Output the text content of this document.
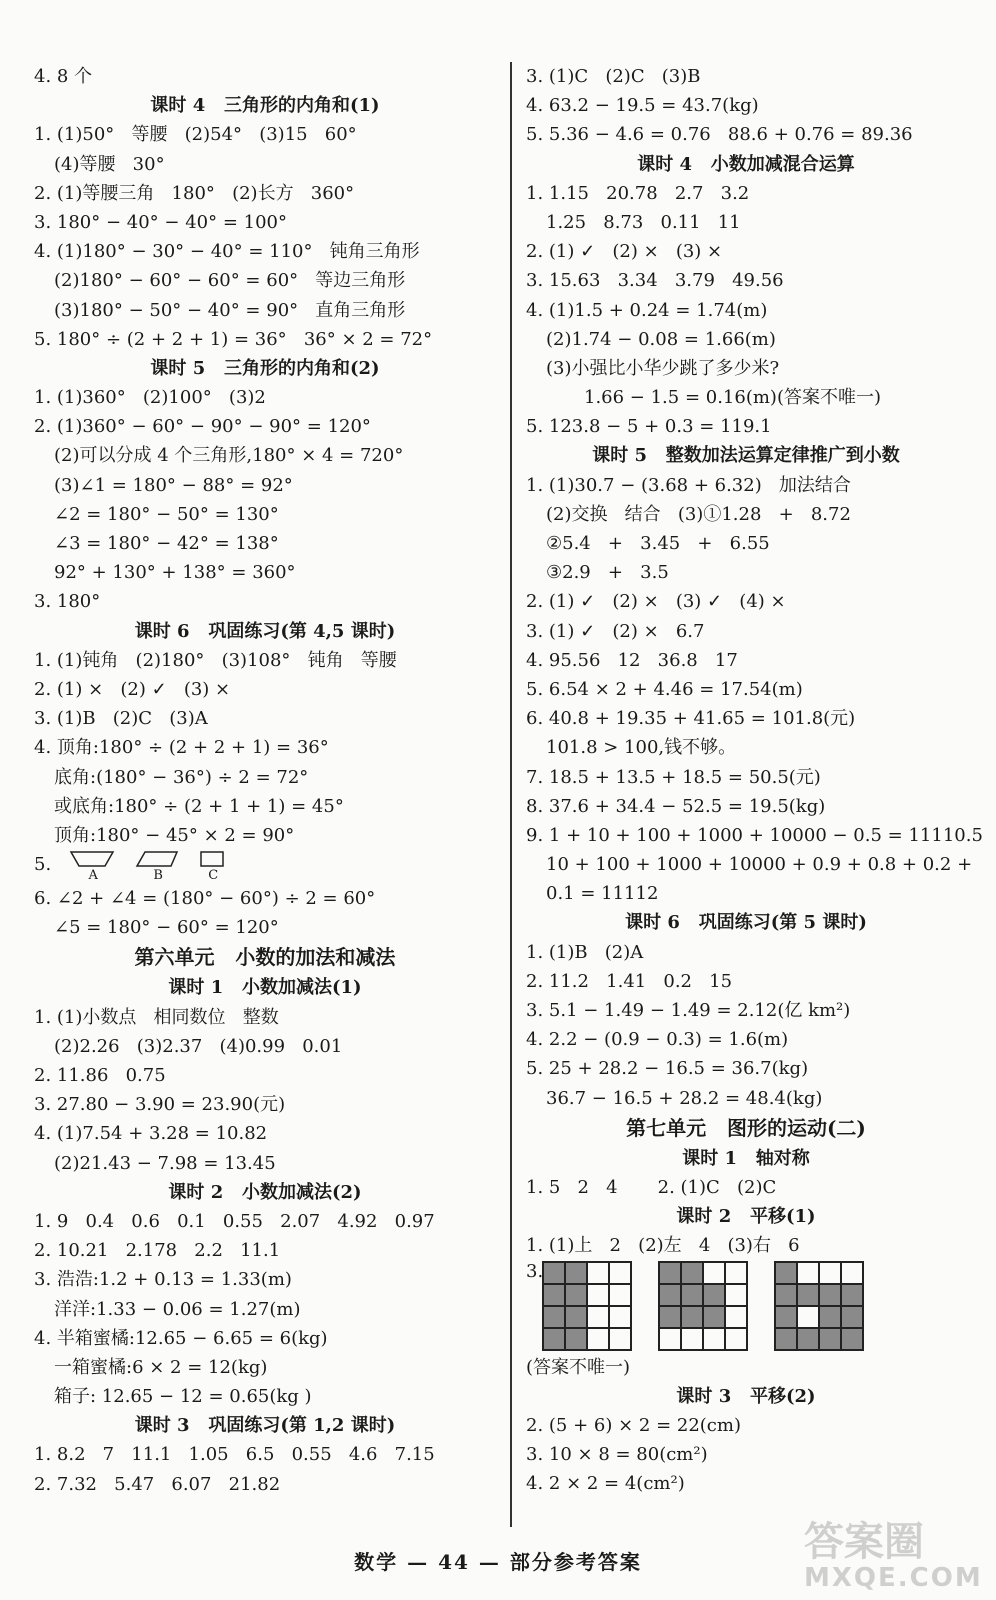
4. 8 个
课时 4   三角形的内角和(1)
1. (1)50°   等腰   (2)54°   (3)15   60°
(4)等腰   30°
2. (1)等腰三角   180°   (2)长方   360°
3. 180° − 40° − 40° = 100°
4. (1)180° − 30° − 40° = 110°   钝角三角形
(2)180° − 60° − 60° = 60°   等边三角形
(3)180° − 50° − 40° = 90°   直角三角形
5. 180° ÷ (2 + 2 + 1) = 36°   36° × 2 = 72°
课时 5   三角形的内角和(2)
1. (1)360°   (2)100°   (3)2
2. (1)360° − 60° − 90° − 90° = 120°
(2)可以分成 4 个三角形,180° × 4 = 720°
(3)∠1 = 180° − 88° = 92°
∠2 = 180° − 50° = 130°
∠3 = 180° − 42° = 138°
92° + 130° + 138° = 360°
3. 180°
课时 6   巩固练习(第 4,5 课时)
1. (1)钝角   (2)180°   (3)108°   钝角   等腰
2. (1) ×   (2) ✓   (3) ×
3. (1)B   (2)C   (3)A
4. 顶角:180° ÷ (2 + 2 + 1) = 36°
底角:(180° − 36°) ÷ 2 = 72°
或底角:180° ÷ (2 + 1 + 1) = 45°
顶角:180° − 45° × 2 = 90°
5.
A	B	C
6. ∠2 + ∠4 = (180° − 60°) ÷ 2 = 60°
∠5 = 180° − 60° = 120°
第六单元   小数的加法和减法
课时 1   小数加减法(1)
1. (1)小数点   相同数位   整数
(2)2.26   (3)2.37   (4)0.99   0.01
2. 11.86   0.75
3. 27.80 − 3.90 = 23.90(元)
4. (1)7.54 + 3.28 = 10.82
(2)21.43 − 7.98 = 13.45
课时 2   小数加减法(2)
1. 9   0.4   0.6   0.1   0.55   2.07   4.92   0.97
2. 10.21   2.178   2.2   11.1
3. 浩浩:1.2 + 0.13 = 1.33(m)
洋洋:1.33 − 0.06 = 1.27(m)
4. 半箱蜜橘:12.65 − 6.65 = 6(kg)
一箱蜜橘:6 × 2 = 12(kg)
箱子: 12.65 − 12 = 0.65(kg )
课时 3   巩固练习(第 1,2 课时)
1. 8.2   7   11.1   1.05   6.5   0.55   4.6   7.15
2. 7.32   5.47   6.07   21.82
3. (1)C   (2)C   (3)B
4. 63.2 − 19.5 = 43.7(kg)
5. 5.36 − 4.6 = 0.76   88.6 + 0.76 = 89.36
课时 4   小数加减混合运算
1. 1.15   20.78   2.7   3.2
1.25   8.73   0.11   11
2. (1) ✓   (2) ×   (3) ×
3. 15.63   3.34   3.79   49.56
4. (1)1.5 + 0.24 = 1.74(m)
(2)1.74 − 0.08 = 1.66(m)
(3)小强比小华少跳了多少米?
1.66 − 1.5 = 0.16(m)(答案不唯一)
5. 123.8 − 5 + 0.3 = 119.1
课时 5   整数加法运算定律推广到小数
1. (1)30.7 − (3.68 + 6.32)   加法结合
(2)交换   结合   (3)①1.28   +   8.72
②5.4   +   3.45   +   6.55
③2.9   +   3.5
2. (1) ✓   (2) ×   (3) ✓   (4) ×
3. (1) ✓   (2) ×   6.7
4. 95.56   12   36.8   17
5. 6.54 × 2 + 4.46 = 17.54(m)
6. 40.8 + 19.35 + 41.65 = 101.8(元)
101.8 > 100,钱不够。
7. 18.5 + 13.5 + 18.5 = 50.5(元)
8. 37.6 + 34.4 − 52.5 = 19.5(kg)
9. 1 + 10 + 100 + 1000 + 10000 − 0.5 = 11110.5
10 + 100 + 1000 + 10000 + 0.9 + 0.8 + 0.2 +
0.1 = 11112
课时 6   巩固练习(第 5 课时)
1. (1)B   (2)A
2. 11.2   1.41   0.2   15
3. 5.1 − 1.49 − 1.49 = 2.12(亿 km²)
4. 2.2 − (0.9 − 0.3) = 1.6(m)
5. 25 + 28.2 − 16.5 = 36.7(kg)
36.7 − 16.5 + 28.2 = 48.4(kg)
第七单元   图形的运动(二)
课时 1   轴对称
1. 5   2   4       2. (1)C   (2)C
课时 2   平移(1)
1. (1)上   2   (2)左   4   (3)右   6
3.
(答案不唯一)
课时 3   平移(2)
2. (5 + 6) × 2 = 22(cm)
3. 10 × 8 = 80(cm²)
4. 2 × 2 = 4(cm²)
数学 — 44 — 部分参考答案	答案圈
MXQE.COM
